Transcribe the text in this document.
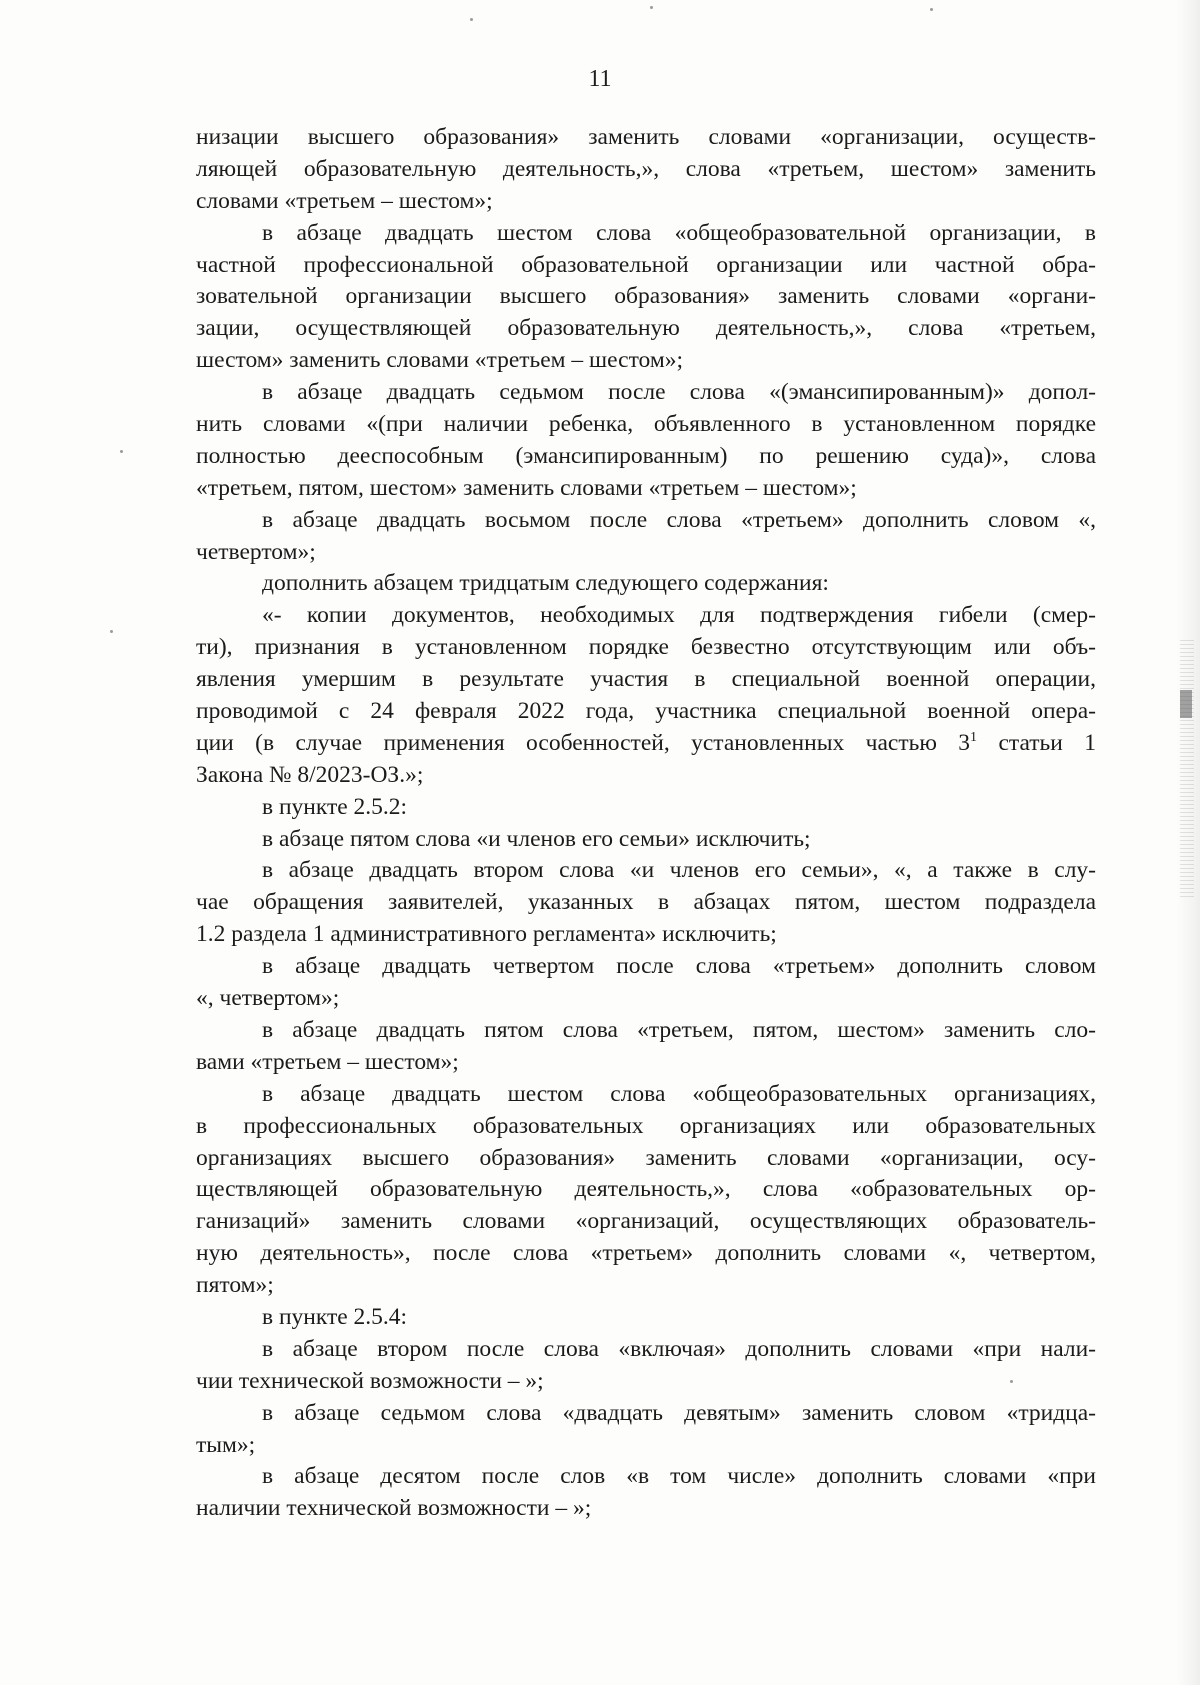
11
низации высшего образования» заменить словами «организации, осуществ-
ляющей образовательную деятельность,», слова «третьем, шестом» заменить
словами «третьем – шестом»;
в абзаце двадцать шестом слова «общеобразовательной организации, в
частной профессиональной образовательной организации или частной обра-
зовательной организации высшего образования» заменить словами «органи-
зации, осуществляющей образовательную деятельность,», слова «третьем,
шестом» заменить словами «третьем – шестом»;
в абзаце двадцать седьмом после слова «(эмансипированным)» допол-
нить словами «(при наличии ребенка, объявленного в установленном порядке
полностью дееспособным (эмансипированным) по решению суда)», слова
«третьем, пятом, шестом» заменить словами «третьем – шестом»;
в абзаце двадцать восьмом после слова «третьем» дополнить словом «,
четвертом»;
дополнить абзацем тридцатым следующего содержания:
«- копии документов, необходимых для подтверждения гибели (смер-
ти), признания в установленном порядке безвестно отсутствующим или объ-
явления умершим в результате участия в специальной военной операции,
проводимой с 24 февраля 2022 года, участника специальной военной опера-
ции (в случае применения особенностей, установленных частью $3^1$ статьи 1
Закона № 8/2023-ОЗ.»;
в пункте 2.5.2:
в абзаце пятом слова «и членов его семьи» исключить;
в абзаце двадцать втором слова «и членов его семьи», «, а также в слу-
чае обращения заявителей, указанных в абзацах пятом, шестом подраздела
1.2 раздела 1 административного регламента» исключить;
в абзаце двадцать четвертом после слова «третьем» дополнить словом
«, четвертом»;
в абзаце двадцать пятом слова «третьем, пятом, шестом» заменить сло-
вами «третьем – шестом»;
в абзаце двадцать шестом слова «общеобразовательных организациях,
в профессиональных образовательных организациях или образовательных
организациях высшего образования» заменить словами «организации, осу-
ществляющей образовательную деятельность,», слова «образовательных ор-
ганизаций» заменить словами «организаций, осуществляющих образователь-
ную деятельность», после слова «третьем» дополнить словами «, четвертом,
пятом»;
в пункте 2.5.4:
в абзаце втором после слова «включая» дополнить словами «при нали-
чии технической возможности – »;
в абзаце седьмом слова «двадцать девятым» заменить словом «тридца-
тым»;
в абзаце десятом после слов «в том числе» дополнить словами «при
наличии технической возможности – »;
